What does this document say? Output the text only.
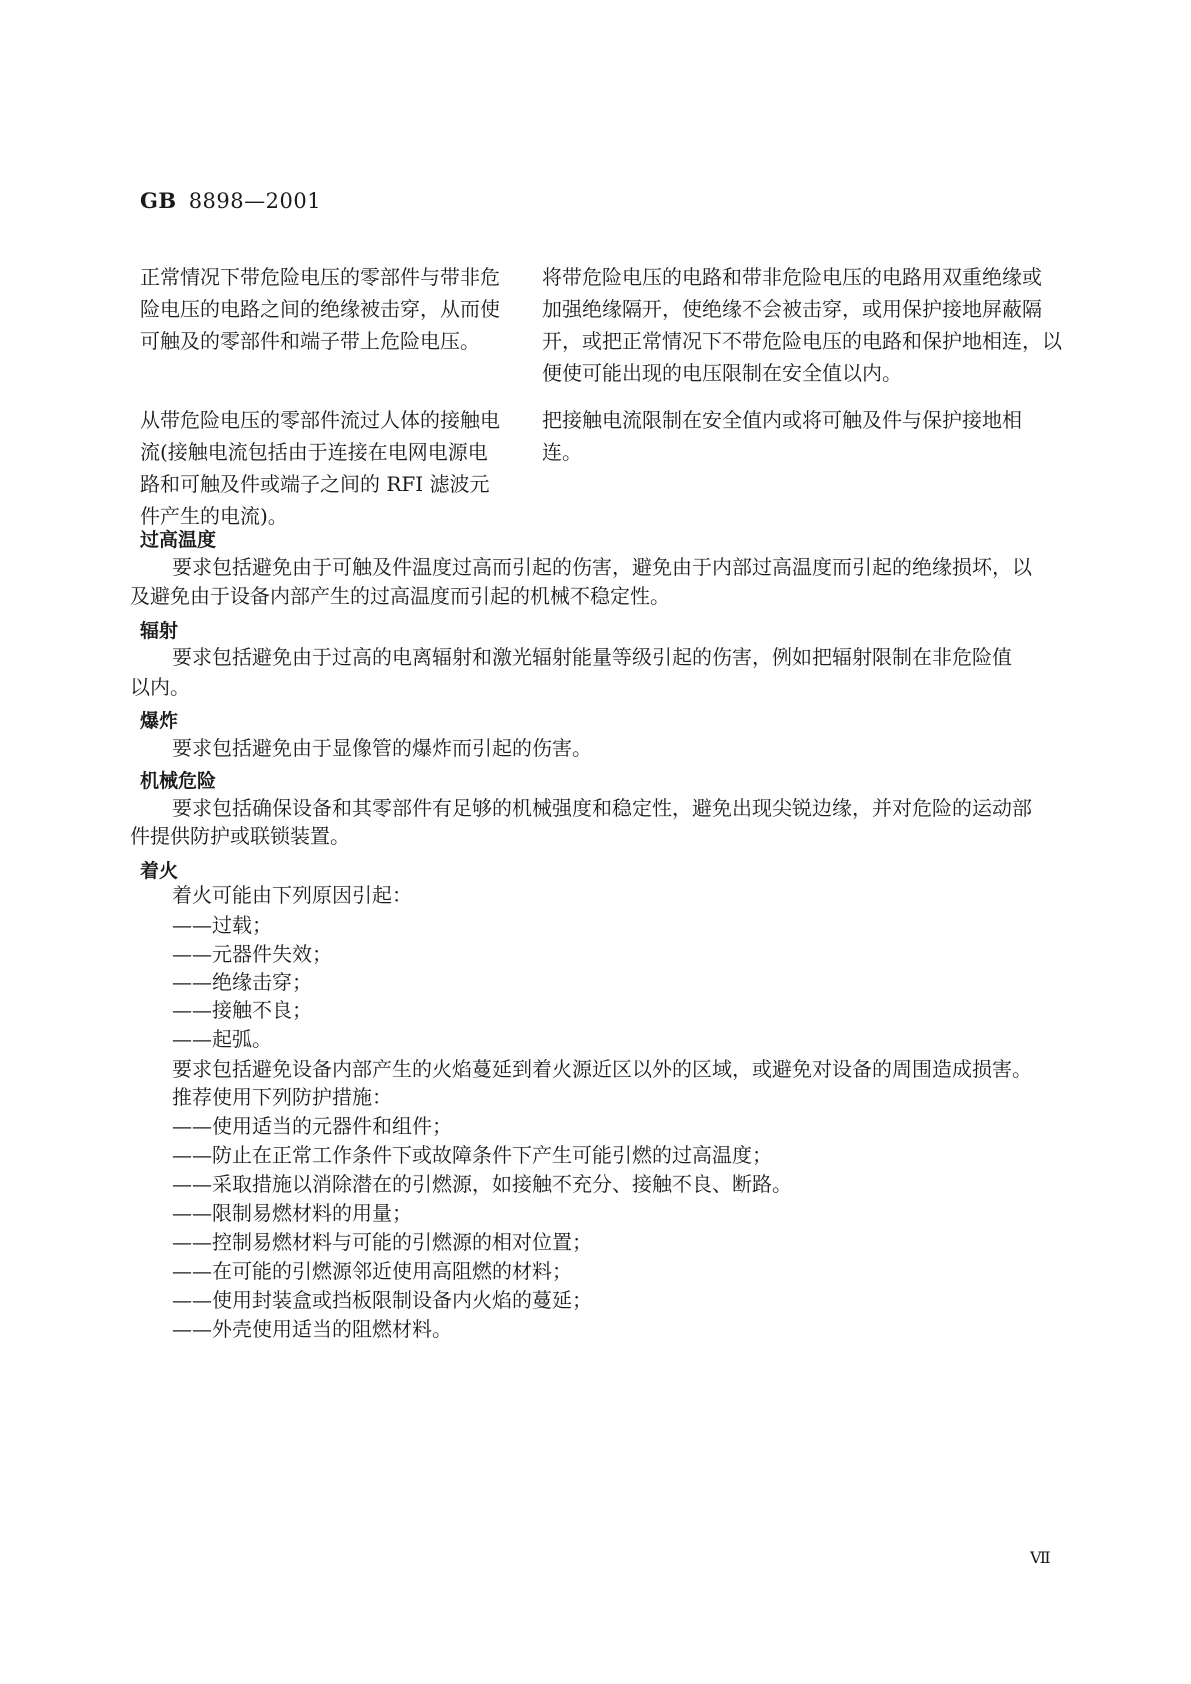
GB 8898—2001
正常情况下带危险电压的零部件与带非危
险电压的电路之间的绝缘被击穿，从而使
可触及的零部件和端子带上危险电压。
将带危险电压的电路和带非危险电压的电路用双重绝缘或
加强绝缘隔开，使绝缘不会被击穿，或用保护接地屏蔽隔
开，或把正常情况下不带危险电压的电路和保护地相连，以
便使可能出现的电压限制在安全值以内。
从带危险电压的零部件流过人体的接触电
流(接触电流包括由于连接在电网电源电
路和可触及件或端子之间的 RFI 滤波元
件产生的电流)。
把接触电流限制在安全值内或将可触及件与保护接地相
连。
过高温度
要求包括避免由于可触及件温度过高而引起的伤害，避免由于内部过高温度而引起的绝缘损坏，以
及避免由于设备内部产生的过高温度而引起的机械不稳定性。
辐射
要求包括避免由于过高的电离辐射和激光辐射能量等级引起的伤害，例如把辐射限制在非危险值
以内。
爆炸
要求包括避免由于显像管的爆炸而引起的伤害。
机械危险
要求包括确保设备和其零部件有足够的机械强度和稳定性，避免出现尖锐边缘，并对危险的运动部
件提供防护或联锁装置。
着火
着火可能由下列原因引起：
——过载；
——元器件失效；
——绝缘击穿；
——接触不良；
——起弧。
要求包括避免设备内部产生的火焰蔓延到着火源近区以外的区域，或避免对设备的周围造成损害。
推荐使用下列防护措施：
——使用适当的元器件和组件；
——防止在正常工作条件下或故障条件下产生可能引燃的过高温度；
——采取措施以消除潜在的引燃源，如接触不充分、接触不良、断路。
——限制易燃材料的用量；
——控制易燃材料与可能的引燃源的相对位置；
——在可能的引燃源邻近使用高阻燃的材料；
——使用封装盒或挡板限制设备内火焰的蔓延；
——外壳使用适当的阻燃材料。
Ⅶ
